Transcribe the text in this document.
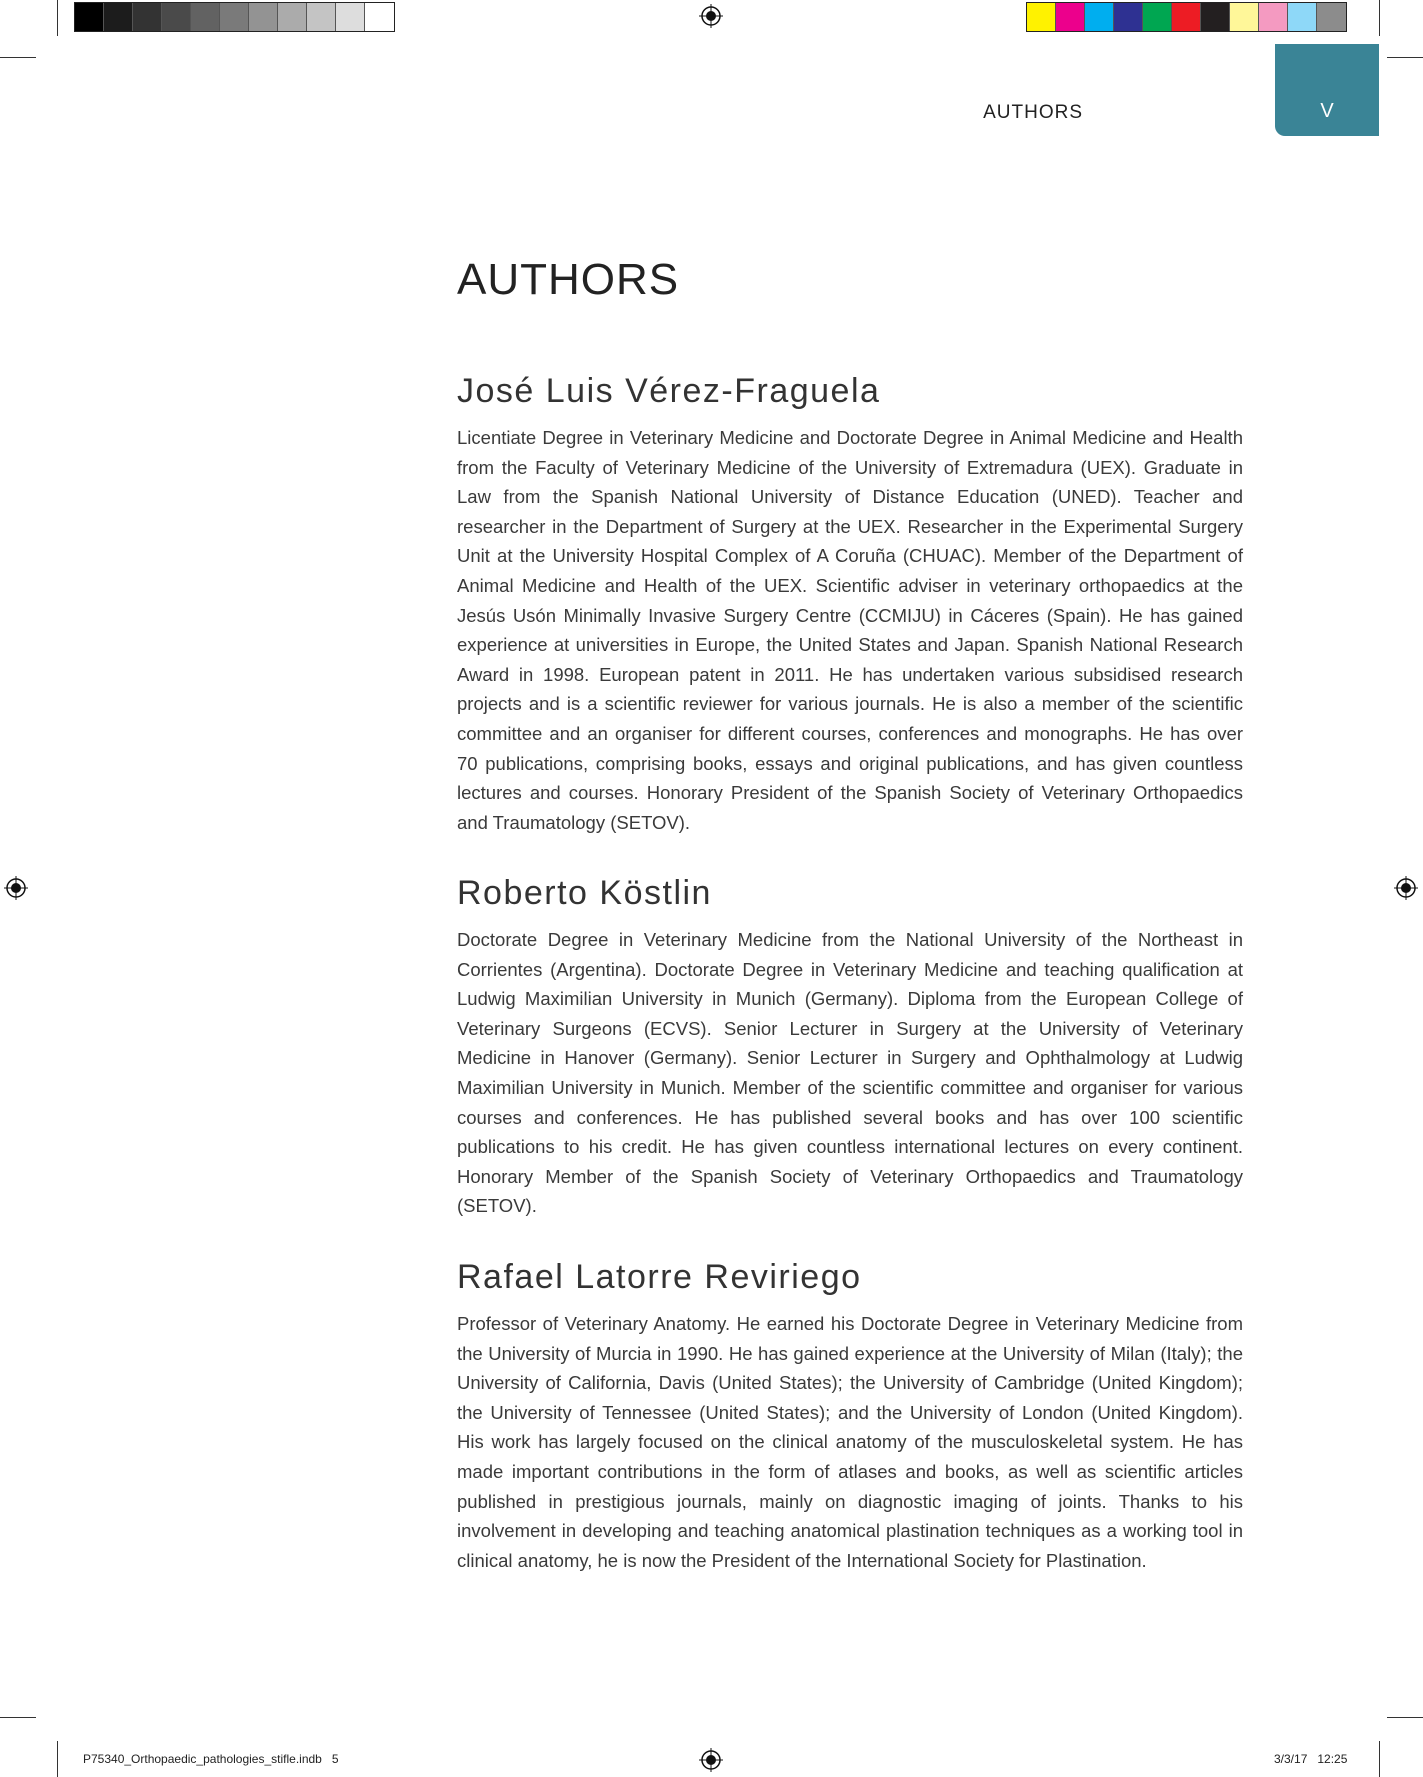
AUTHORS	V
AUTHORS
José Luis Vérez-Fraguela

Licentiate Degree in Veterinary Medicine and Doctorate Degree in Animal Medicine and Health from the Faculty of Veterinary Medicine of the University of Extremadura (UEX). Graduate in Law from the Spanish National University of Distance Education (UNED). Teacher and researcher in the Department of Surgery at the UEX. Researcher in the Experimental Surgery Unit at the University Hospital Complex of A Coruña (CHUAC). Member of the Department of Animal Medicine and Health of the UEX. Scientific adviser in veterinary orthopaedics at the Jesús Usón Minimally Invasive Surgery Centre (CCMIJU) in Cáceres (Spain). He has gained experience at universities in Europe, the United States and Japan. Spanish National Research Award in 1998. European patent in 2011. He has undertaken various subsidised research projects and is a scientific reviewer for various journals. He is also a member of the scientific committee and an organiser for different courses, conferences and monographs. He has over 70 publications, comprising books, essays and original publications, and has given countless lectures and courses. Honorary President of the Spanish Society of Veterinary Orthopaedics and Traumatology (SETOV).

Roberto Köstlin

Doctorate Degree in Veterinary Medicine from the National University of the Northeast in Corrientes (Argentina). Doctorate Degree in Veterinary Medicine and teaching qualification at Ludwig Maximilian University in Munich (Germany). Diploma from the European College of Veterinary Surgeons (ECVS). Senior Lecturer in Surgery at the University of Veterinary Medicine in Hanover (Germany). Senior Lecturer in Surgery and Ophthalmology at Ludwig Maximilian University in Munich. Member of the scientific committee and organiser for various courses and conferences. He has published several books and has over 100 scientific publications to his credit. He has given countless international lectures on every continent. Honorary Member of the Spanish Society of Veterinary Orthopaedics and Traumatology (SETOV).

Rafael Latorre Reviriego

Professor of Veterinary Anatomy. He earned his Doctorate Degree in Veterinary Medicine from the University of Murcia in 1990. He has gained experience at the University of Milan (Italy); the University of California, Davis (United States); the University of Cambridge (United Kingdom); the University of Tennessee (United States); and the University of London (United Kingdom). His work has largely focused on the clinical anatomy of the musculoskeletal system. He has made important contributions in the form of atlases and books, as well as scientific articles published in prestigious journals, mainly on diagnostic imaging of joints. Thanks to his involvement in developing and teaching anatomical plastination techniques as a working tool in clinical anatomy, he is now the President of the International Society for Plastination.

P75340_Orthopaedic_pathologies_stifle.indb   5	3/3/17   12:25
